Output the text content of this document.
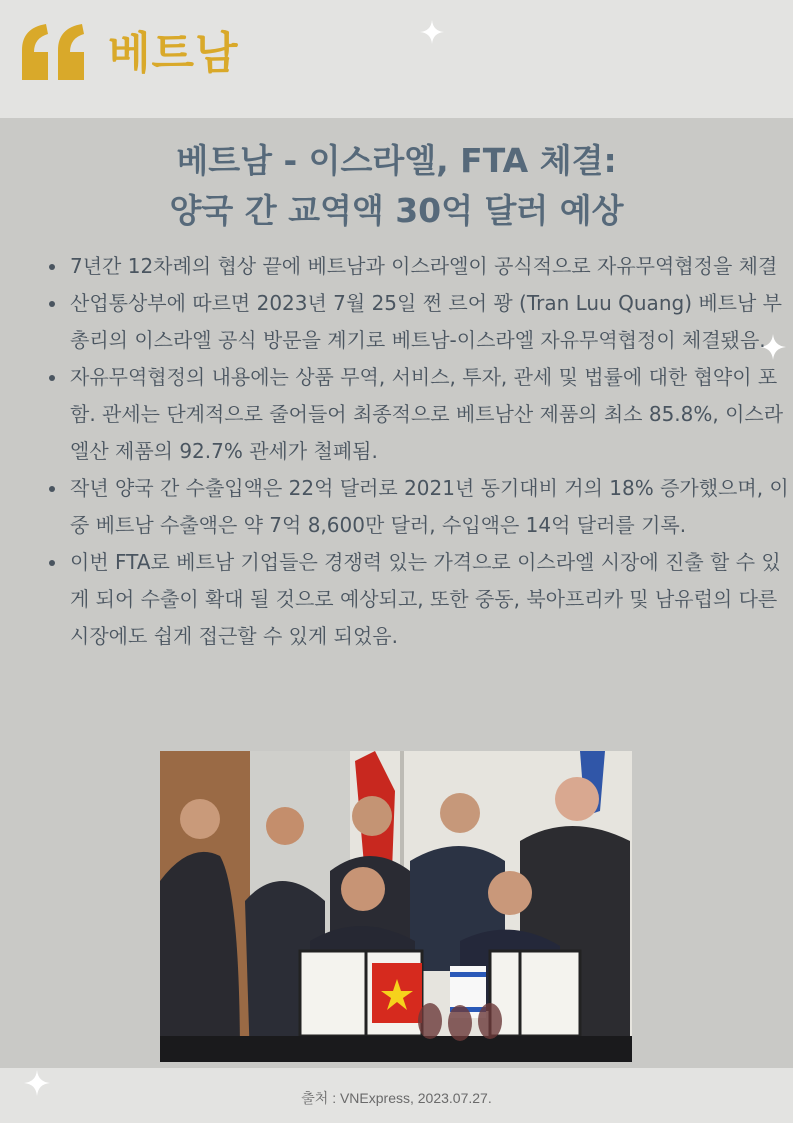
베트남
베트남 - 이스라엘, FTA 체결:
양국 간 교역액 30억 달러 예상
• 7년간 12차례의 협상 끝에 베트남과 이스라엘이 공식적으로 자유무역협정을 체결
• 산업통상부에 따르면 2023년 7월 25일 쩐 르어 꽝 (Tran Luu Quang) 베트남 부총리의 이스라엘 공식 방문을 계기로 베트남-이스라엘 자유무역협정이 체결됐음.
• 자유무역협정의 내용에는 상품 무역, 서비스, 투자, 관세 및 법률에 대한 협약이 포함. 관세는 단계적으로 줄어들어 최종적으로 베트남산 제품의 최소 85.8%, 이스라엘산 제품의 92.7% 관세가 철폐됨.
• 작년 양국 간 수출입액은 22억 달러로 2021년 동기대비 거의 18% 증가했으며, 이 중 베트남 수출액은 약 7억 8,600만 달러, 수입액은 14억 달러를 기록.
• 이번 FTA로 베트남 기업들은 경쟁력 있는 가격으로 이스라엘 시장에 진출 할 수 있게 되어 수출이 확대 될 것으로 예상되고, 또한 중동, 북아프리카 및 남유럽의 다른 시장에도 쉽게 접근할 수 있게 되었음.
출처 : VNExpress, 2023.07.27.
